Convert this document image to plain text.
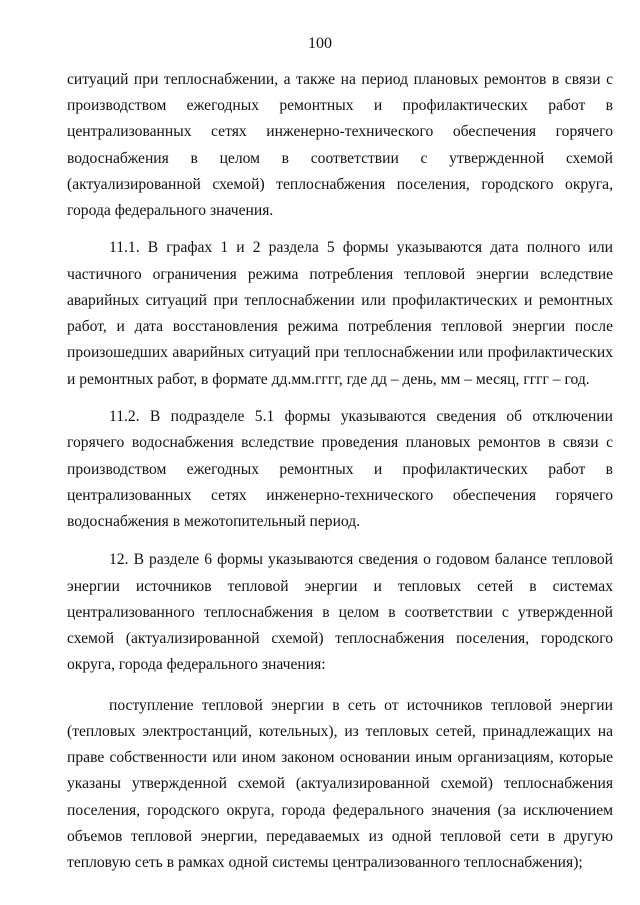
100

ситуаций при теплоснабжении, а также на период плановых ремонтов в связи с производством ежегодных ремонтных и профилактических работ в централизованных сетях инженерно-технического обеспечения горячего водоснабжения в целом в соответствии с утвержденной схемой (актуализированной схемой) теплоснабжения поселения, городского округа, города федерального значения.

11.1. В графах 1 и 2 раздела 5 формы указываются дата полного или частичного ограничения режима потребления тепловой энергии вследствие аварийных ситуаций при теплоснабжении или профилактических и ремонтных работ, и дата восстановления режима потребления тепловой энергии после произошедших аварийных ситуаций при теплоснабжении или профилактических и ремонтных работ, в формате дд.мм.гггг, где дд – день, мм – месяц, гггг – год.

11.2. В подразделе 5.1 формы указываются сведения об отключении горячего водоснабжения вследствие проведения плановых ремонтов в связи с производством ежегодных ремонтных и профилактических работ в централизованных сетях инженерно-технического обеспечения горячего водоснабжения в межотопительный период.

12. В разделе 6 формы указываются сведения о годовом балансе тепловой энергии источников тепловой энергии и тепловых сетей в системах централизованного теплоснабжения в целом в соответствии с утвержденной схемой (актуализированной схемой) теплоснабжения поселения, городского округа, города федерального значения:

поступление тепловой энергии в сеть от источников тепловой энергии (тепловых электростанций, котельных), из тепловых сетей, принадлежащих на праве собственности или ином законом основании иным организациям, которые указаны утвержденной схемой (актуализированной схемой) теплоснабжения поселения, городского округа, города федерального значения (за исключением объемов тепловой энергии, передаваемых из одной тепловой сети в другую тепловую сеть в рамках одной системы централизованного теплоснабжения);
